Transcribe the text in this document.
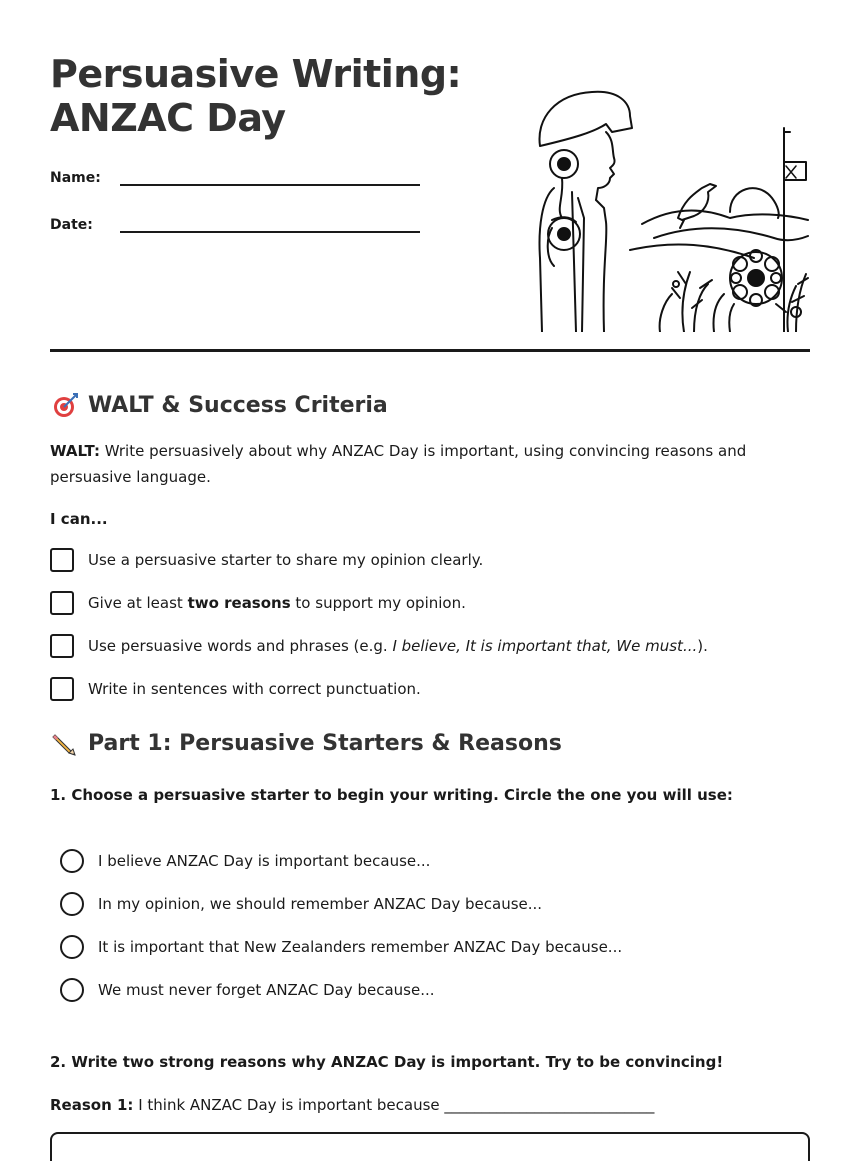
Persuasive Writing:
ANZAC Day
Name:
Date:
WALT & Success Criteria
WALT: Write persuasively about why ANZAC Day is important, using convincing reasons and persuasive language.
I can...
Use a persuasive starter to share my opinion clearly.
Give at least two reasons to support my opinion.
Use persuasive words and phrases (e.g. I believe, It is important that, We must...).
Write in sentences with correct punctuation.
Part 1: Persuasive Starters & Reasons
1. Choose a persuasive starter to begin your writing. Circle the one you will use:
I believe ANZAC Day is important because...
In my opinion, we should remember ANZAC Day because...
It is important that New Zealanders remember ANZAC Day because...
We must never forget ANZAC Day because...
2. Write two strong reasons why ANZAC Day is important. Try to be convincing!
Reason 1: I think ANZAC Day is important because ____________________________
